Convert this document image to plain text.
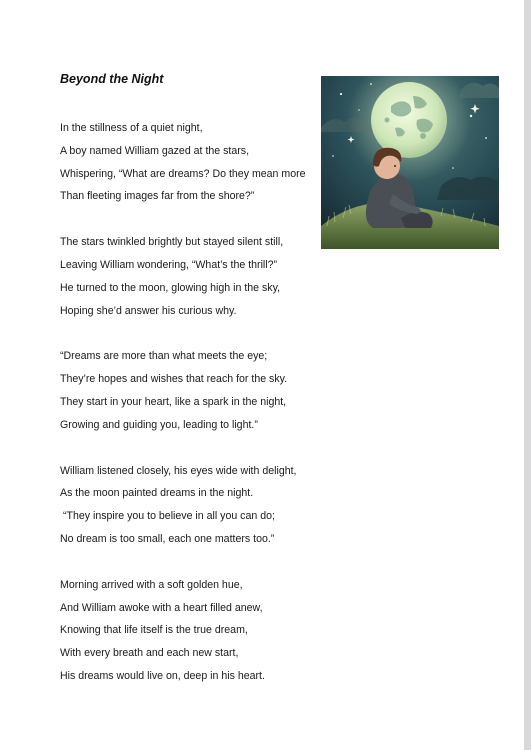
Beyond the Night
In the stillness of a quiet night,
A boy named William gazed at the stars,
Whispering, “What are dreams? Do they mean more
Than fleeting images far from the shore?”
The stars twinkled brightly but stayed silent still,
Leaving William wondering, “What’s the thrill?”
He turned to the moon, glowing high in the sky,
Hoping she’d answer his curious why.
“Dreams are more than what meets the eye;
They’re hopes and wishes that reach for the sky.
They start in your heart, like a spark in the night,
Growing and guiding you, leading to light.”
William listened closely, his eyes wide with delight,
As the moon painted dreams in the night.
“They inspire you to believe in all you can do;
No dream is too small, each one matters too.”
Morning arrived with a soft golden hue,
And William awoke with a heart filled anew,
Knowing that life itself is the true dream,
With every breath and each new start,
His dreams would live on, deep in his heart.
